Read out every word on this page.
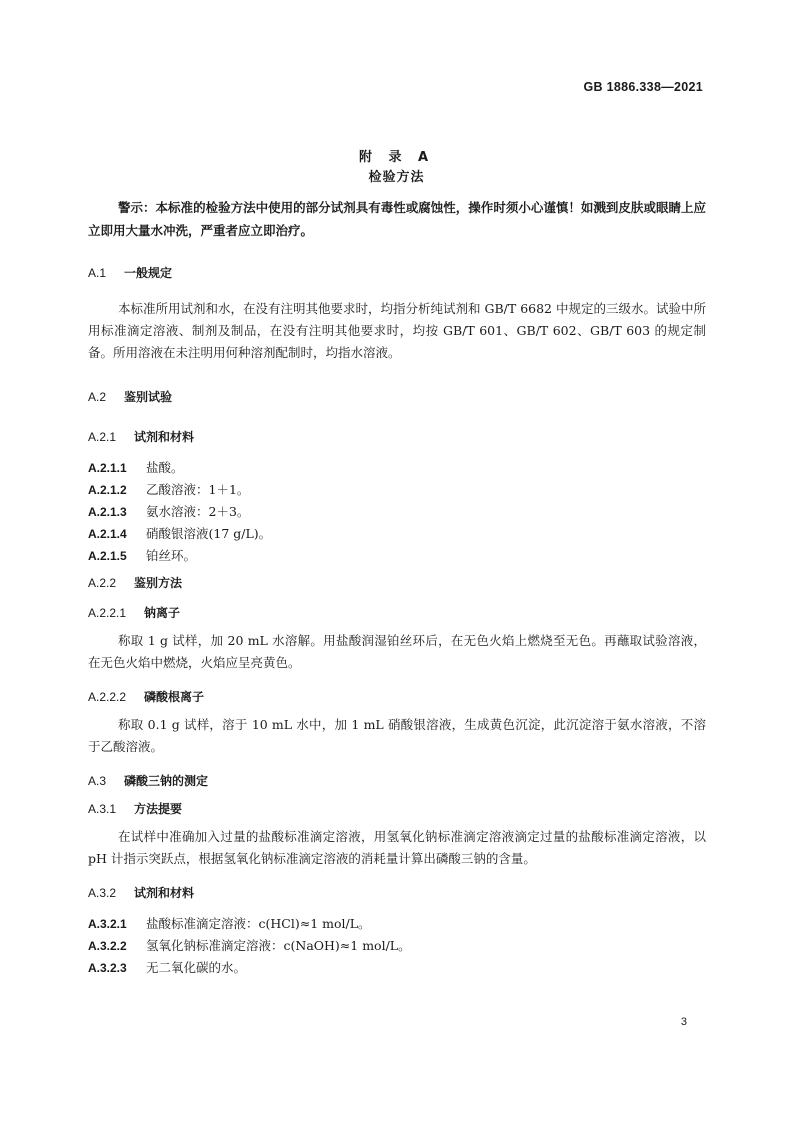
GB 1886.338—2021
附 录 A
检验方法
警示：本标准的检验方法中使用的部分试剂具有毒性或腐蚀性，操作时须小心谨慎！如溅到皮肤或眼睛上应立即用大量水冲洗，严重者应立即治疗。
A.1 一般规定
本标准所用试剂和水，在没有注明其他要求时，均指分析纯试剂和 GB/T 6682 中规定的三级水。试验中所用标准滴定溶液、制剂及制品，在没有注明其他要求时，均按 GB/T 601、GB/T 602、GB/T 603 的规定制备。所用溶液在未注明用何种溶剂配制时，均指水溶液。
A.2 鉴别试验
A.2.1 试剂和材料
A.2.1.1 盐酸。
A.2.1.2 乙酸溶液：1＋1。
A.2.1.3 氨水溶液：2＋3。
A.2.1.4 硝酸银溶液(17 g/L)。
A.2.1.5 铂丝环。
A.2.2 鉴别方法
A.2.2.1 钠离子
称取 1 g 试样，加 20 mL 水溶解。用盐酸润湿铂丝环后，在无色火焰上燃烧至无色。再蘸取试验溶液，在无色火焰中燃烧，火焰应呈亮黄色。
A.2.2.2 磷酸根离子
称取 0.1 g 试样，溶于 10 mL 水中，加 1 mL 硝酸银溶液，生成黄色沉淀，此沉淀溶于氨水溶液，不溶于乙酸溶液。
A.3 磷酸三钠的测定
A.3.1 方法提要
在试样中准确加入过量的盐酸标准滴定溶液，用氢氧化钠标准滴定溶液滴定过量的盐酸标准滴定溶液，以 pH 计指示突跃点，根据氢氧化钠标准滴定溶液的消耗量计算出磷酸三钠的含量。
A.3.2 试剂和材料
A.3.2.1 盐酸标准滴定溶液：c(HCl)≈1 mol/L。
A.3.2.2 氢氧化钠标准滴定溶液：c(NaOH)≈1 mol/L。
A.3.2.3 无二氧化碳的水。
3
